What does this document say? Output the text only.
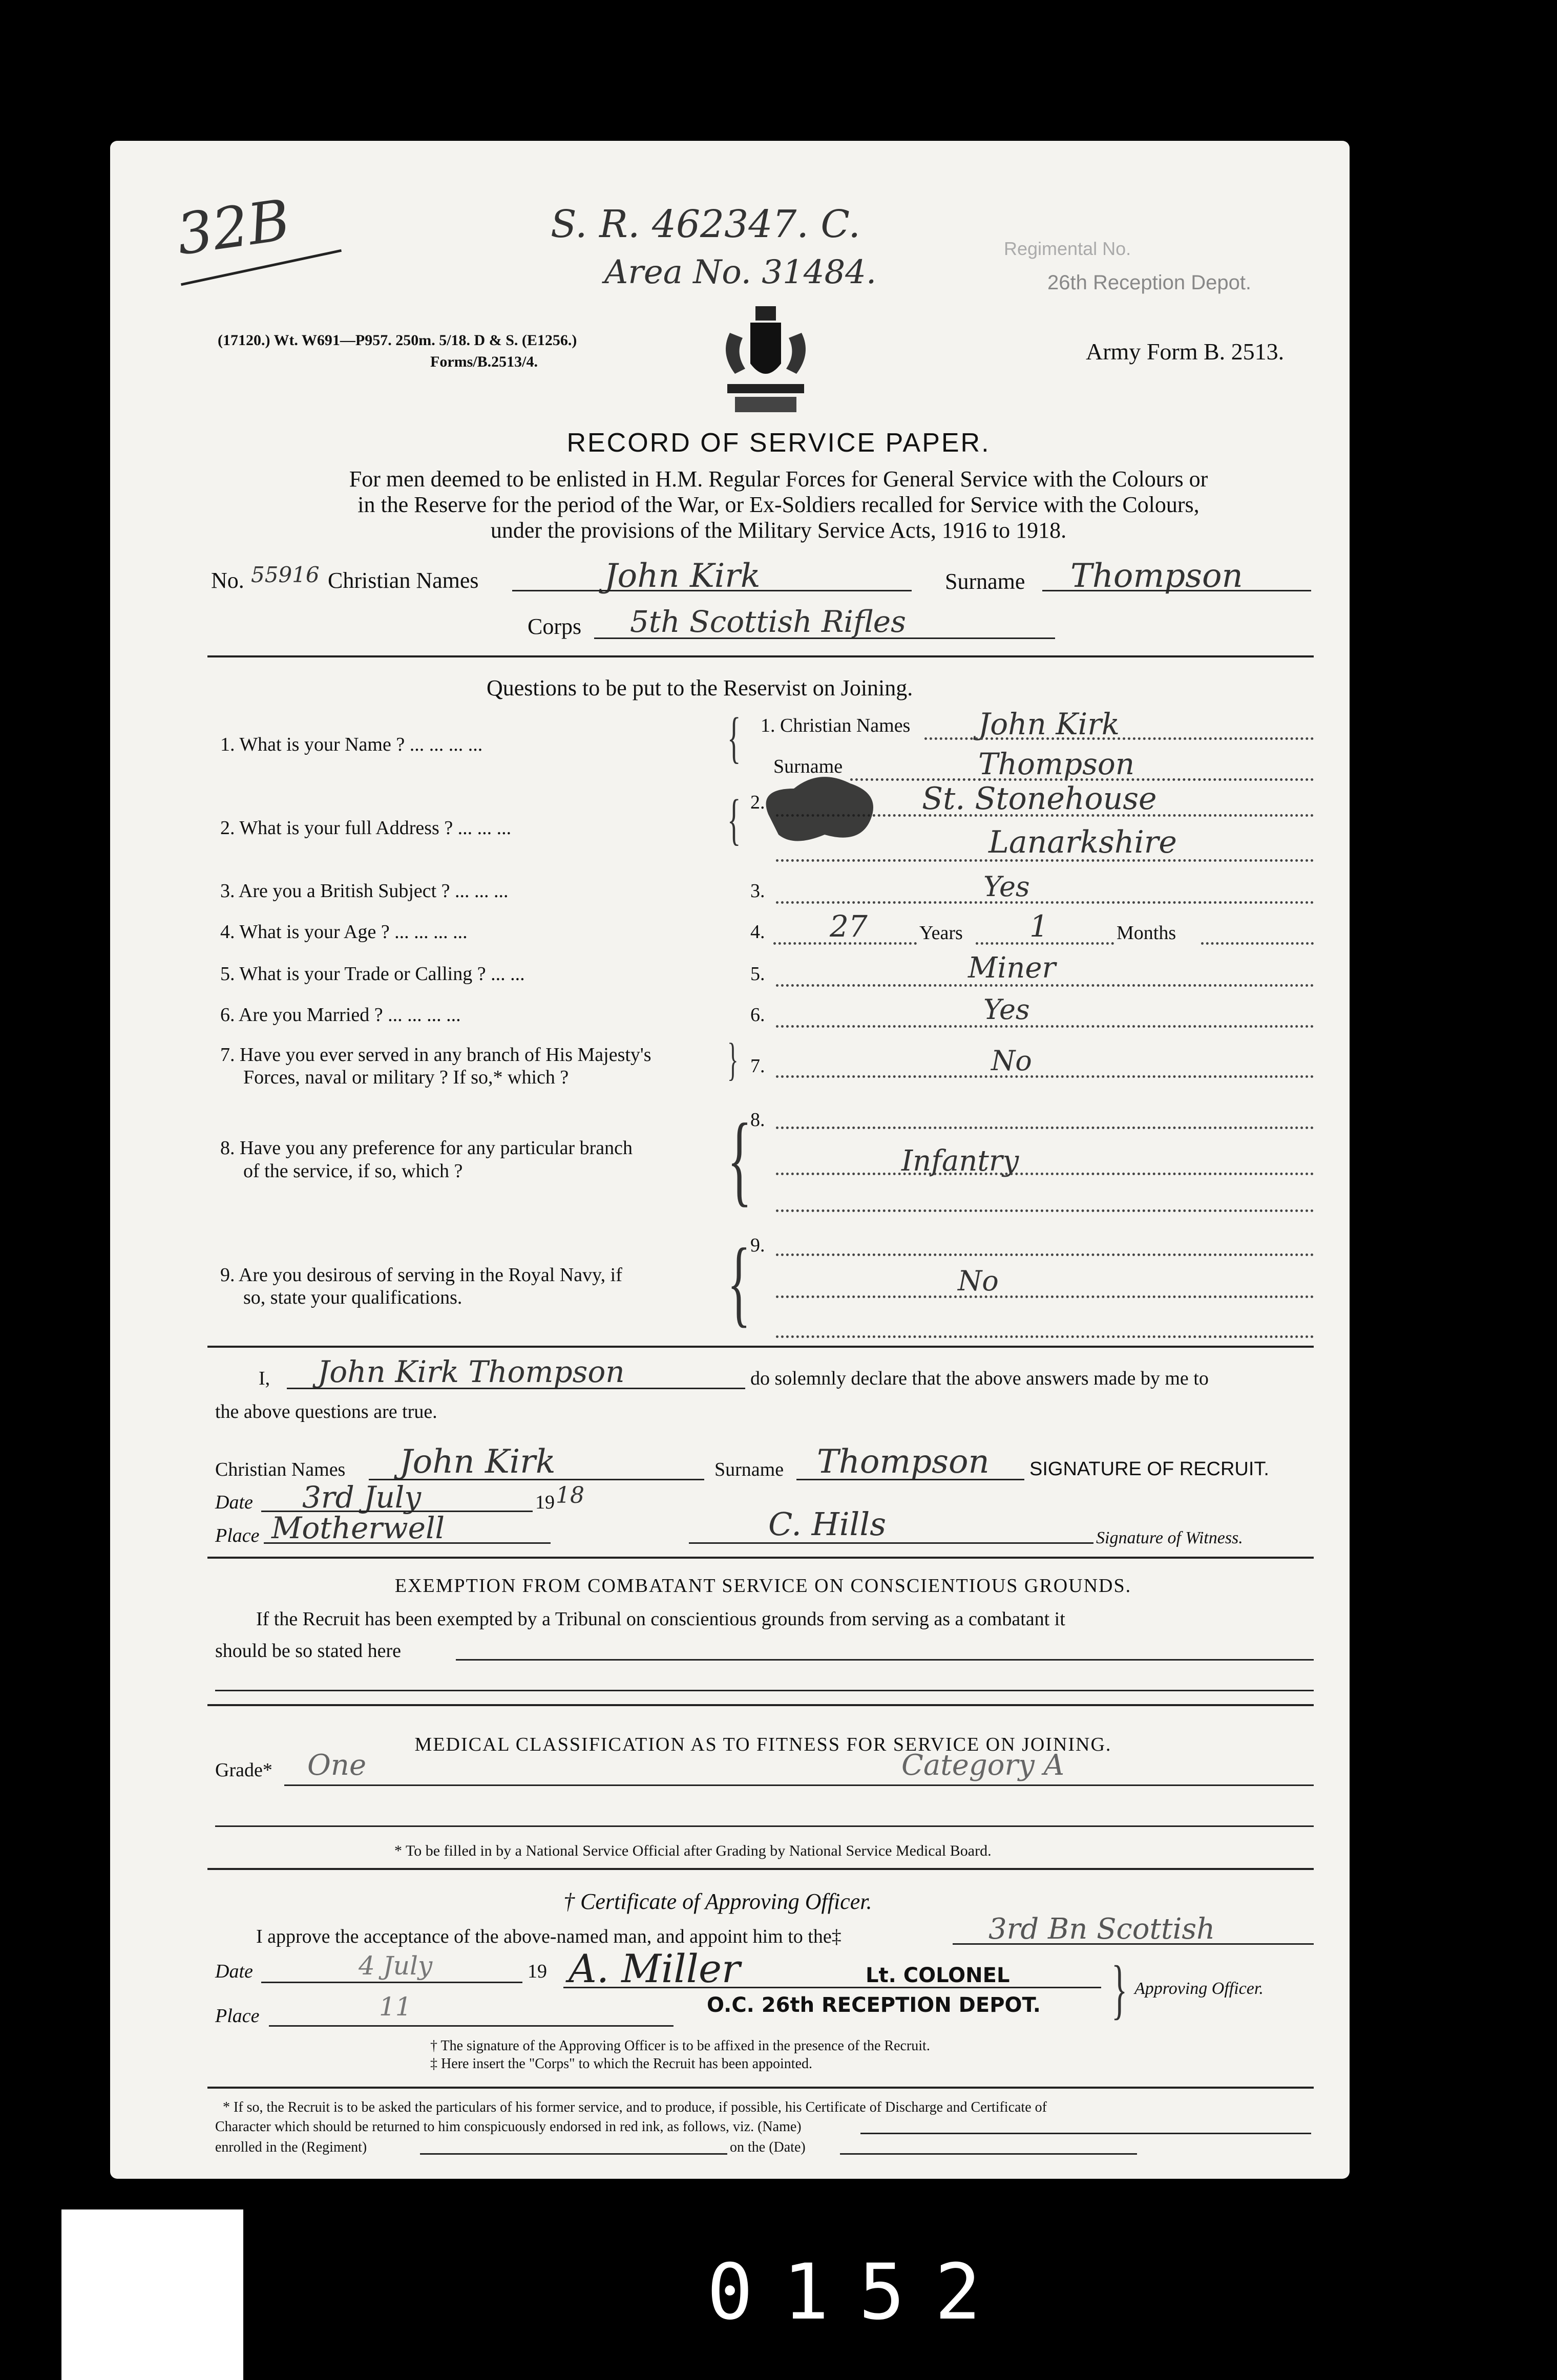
0152
32B	S. R. 462347. C.
Area No. 31484.
Regimental No.
26th Reception Depot.
(17120.) Wt. W691—P957. 250m. 5/18. D & S. (E1256.)
Forms/B.2513/4.	Army Form B. 2513.
RECORD OF SERVICE PAPER.
For men deemed to be enlisted in H.M. Regular Forces for General Service with the Colours or
in the Reserve for the period of the War, or Ex-Soldiers recalled for Service with the Colours,
under the provisions of the Military Service Acts, 1916 to 1918.
No. 55916 Christian Names	John Kirk	Surname Thompson
Corps 5th Scottish Rifles
Questions to be put to the Reservist on Joining.
1. What is your Name ? ... ... ... ...	{ 1. Christian Names John Kirk
Surname	Thompson
2. What is your full Address ? ... ... ...	{ 2.	St. Stonehouse
Lanarkshire
3. Are you a British Subject ? ... ... ...	3.	Yes
4. What is your Age ? ... ... ... ...	4. 27	Years 1	Months
5. What is your Trade or Calling ? ... ...	5.	Miner
6. Are you Married ? ... ... ... ...	6.	Yes
7. Have you ever served in any branch of His Majesty's
Forces, naval or military ? If so,* which ?	} 7.	No
8. Have you any preference for any particular branch
of the service, if so, which ?	{
8.
Infantry
9. Are you desirous of serving in the Royal Navy, if
so, state your qualifications.	{ 9.
No
I, John Kirk Thompson	do solemnly declare that the above answers made by me to
the above questions are true.
Christian Names John Kirk	Surname Thompson SIGNATURE OF RECRUIT.
Date 3rd July	19 18
Place Motherwell	C. Hills	Signature of Witness.
EXEMPTION FROM COMBATANT SERVICE ON CONSCIENTIOUS GROUNDS.
If the Recruit has been exempted by a Tribunal on conscientious grounds from serving as a combatant it
should be so stated here
MEDICAL CLASSIFICATION AS TO FITNESS FOR SERVICE ON JOINING.
Grade* One	Category A
* To be filled in by a National Service Official after Grading by National Service Medical Board.
† Certificate of Approving Officer.
I approve the acceptance of the above-named man, and appoint him to the‡	3rd Bn Scottish
Date	4 July	19 A. Miller	Lt. COLONEL
O.C. 26th RECEPTION DEPOT. } Approving Officer.
Place	11
† The signature of the Approving Officer is to be affixed in the presence of the Recruit.
‡ Here insert the "Corps" to which the Recruit has been appointed.
* If so, the Recruit is to be asked the particulars of his former service, and to produce, if possible, his Certificate of Discharge and Certificate of
Character which should be returned to him conspicuously endorsed in red ink, as follows, viz. (Name)
enrolled in the (Regiment)	on the (Date)
